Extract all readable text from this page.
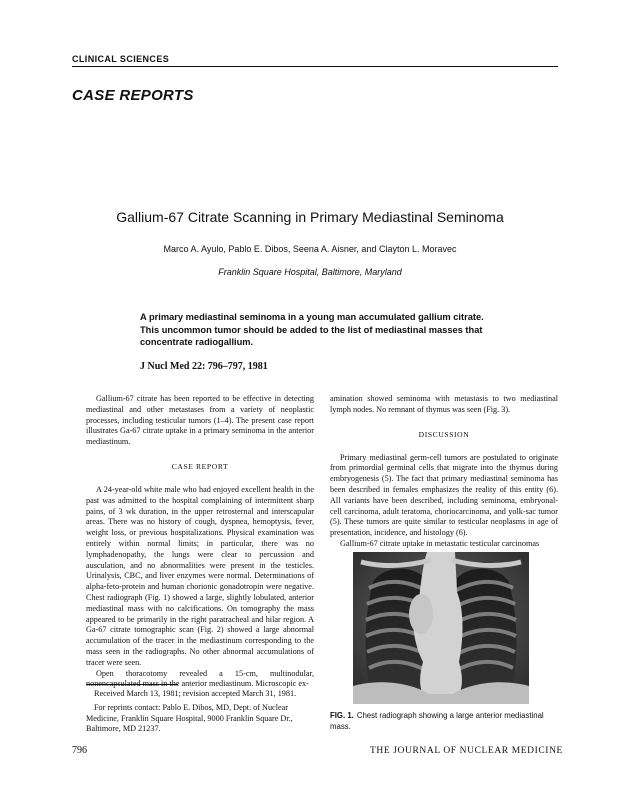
CLINICAL SCIENCES
CASE REPORTS
Gallium-67 Citrate Scanning in Primary Mediastinal Seminoma
Marco A. Ayulo, Pablo E. Dibos, Seena A. Aisner, and Clayton L. Moravec
Franklin Square Hospital, Baltimore, Maryland
A primary mediastinal seminoma in a young man accumulated gallium citrate. This uncommon tumor should be added to the list of mediastinal masses that concentrate radiogallium.
J Nucl Med 22: 796–797, 1981

Gallium-67 citrate has been reported to be effective in detecting mediastinal and other metastases from a variety of neoplastic processes, including testicular tumors (1–4). The present case report illustrates Ga-67 citrate uptake in a primary seminoma in the anterior mediastinum.

CASE REPORT

A 24-year-old white male who had enjoyed excellent health in the past was admitted to the hospital complaining of intermittent sharp pains, of 3 wk duration, in the upper retrosternal and interscapular areas. There was no history of cough, dyspnea, hemoptysis, fever, weight loss, or previous hospitalizations. Physical examination was entirely within normal limits; in particular, there was no lymphadenopathy, the lungs were clear to percussion and ausculation, and no abnormalities were present in the testicles. Urinalysis, CBC, and liver enzymes were normal. Determinations of alpha-feto-protein and human chorionic gonadotropin were negative. Chest radiograph (Fig. 1) showed a large, slightly lobulated, anterior mediastinal mass with no calcifications. On tomography the mass appeared to be primarily in the right paratracheal and hilar region. A Ga-67 citrate tomographic scan (Fig. 2) showed a large abnormal accumulation of the tracer in the mediastinum corresponding to the mass seen in the radiographs. No other abnormal accumulations of tracer were seen.

Open thoracotomy revealed a 15-cm, multinodular, nonencapsulated mass in the anterior mediastinum. Microscopic ex-

amination showed seminoma with metastasis to two mediastinal lymph nodes. No remnant of thymus was seen (Fig. 3).

DISCUSSION

Primary mediastinal germ-cell tumors are postulated to originate from primordial germinal cells that migrate into the thymus during embryogenesis (5). The fact that primary mediastinal seminoma has been described in females emphasizes the reality of this entity (6). All variants have been described, including seminoma, embryonal-cell carcinoma, adult teratoma, choriocarcinoma, and yolk-sac tumor (5). These tumors are quite similar to testicular neoplasms in age of presentation, incidence, and histology (6).

Gallium-67 citrate uptake in metastatic testicular carcinomas

Received March 13, 1981; revision accepted March 31, 1981.

For reprints contact: Pablo E. Dibos, MD, Dept. of Nuclear Medicine, Franklin Square Hospital, 9000 Franklin Square Dr., Baltimore, MD 21237.

FIG. 1. Chest radiograph showing a large anterior mediastinal mass.
796	THE JOURNAL OF NUCLEAR MEDICINE
